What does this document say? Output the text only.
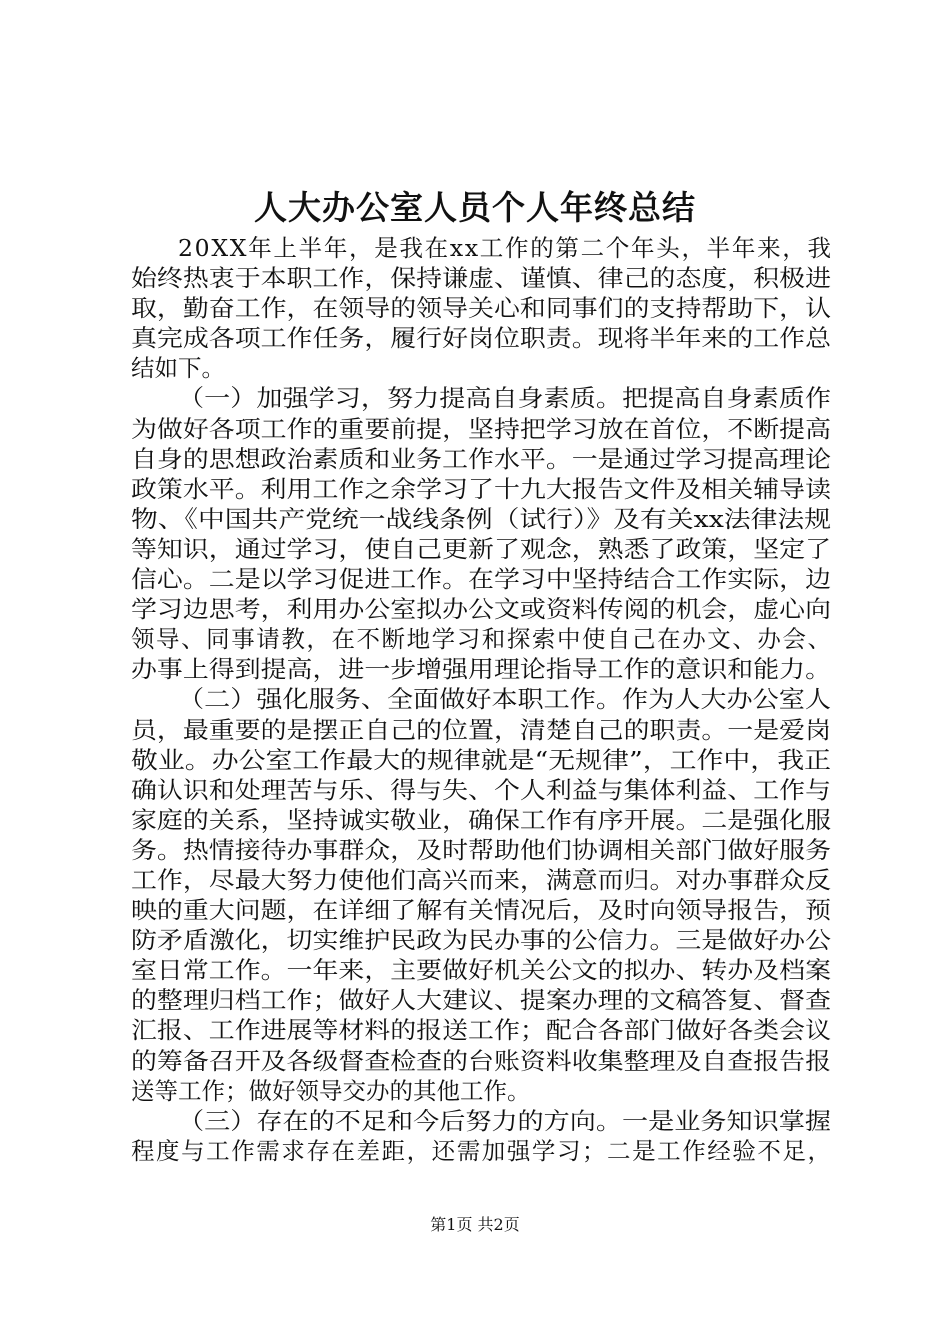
人大办公室人员个人年终总结
20XX年上半年，是我在xx工作的第二个年头，半年来，我
始终热衷于本职工作，保持谦虚、谨慎、律己的态度，积极进
取，勤奋工作，在领导的领导关心和同事们的支持帮助下，认
真完成各项工作任务，履行好岗位职责。现将半年来的工作总
结如下。
（一）加强学习，努力提高自身素质。把提高自身素质作
为做好各项工作的重要前提，坚持把学习放在首位，不断提高
自身的思想政治素质和业务工作水平。一是通过学习提高理论
政策水平。利用工作之余学习了十九大报告文件及相关辅导读
物、《中国共产党统一战线条例（试行）》及有关xx法律法规
等知识，通过学习，使自己更新了观念，熟悉了政策，坚定了
信心。二是以学习促进工作。在学习中坚持结合工作实际，边
学习边思考，利用办公室拟办公文或资料传阅的机会，虚心向
领导、同事请教，在不断地学习和探索中使自己在办文、办会、
办事上得到提高，进一步增强用理论指导工作的意识和能力。
（二）强化服务、全面做好本职工作。作为人大办公室人
员，最重要的是摆正自己的位置，清楚自己的职责。一是爱岗
敬业。办公室工作最大的规律就是“无规律”，工作中，我正
确认识和处理苦与乐、得与失、个人利益与集体利益、工作与
家庭的关系，坚持诚实敬业，确保工作有序开展。二是强化服
务。热情接待办事群众，及时帮助他们协调相关部门做好服务
工作，尽最大努力使他们高兴而来，满意而归。对办事群众反
映的重大问题，在详细了解有关情况后，及时向领导报告，预
防矛盾激化，切实维护民政为民办事的公信力。三是做好办公
室日常工作。一年来，主要做好机关公文的拟办、转办及档案
的整理归档工作；做好人大建议、提案办理的文稿答复、督查
汇报、工作进展等材料的报送工作；配合各部门做好各类会议
的筹备召开及各级督查检查的台账资料收集整理及自查报告报
送等工作；做好领导交办的其他工作。
（三）存在的不足和今后努力的方向。一是业务知识掌握
程度与工作需求存在差距，还需加强学习；二是工作经验不足，
第1页 共2页
